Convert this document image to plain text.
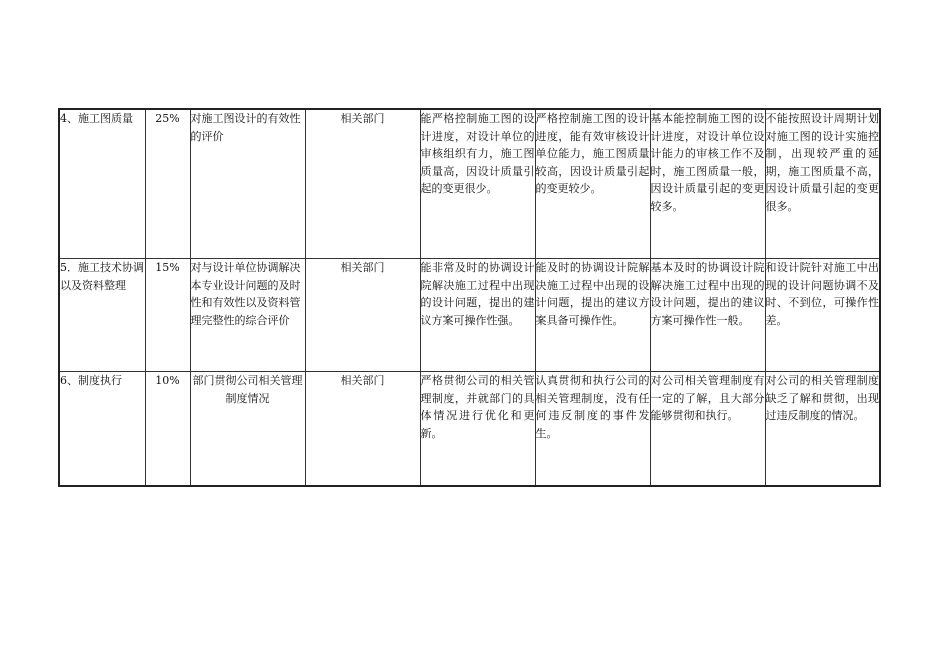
4、施工图质量	25%	对施工图设计的有效性的评价	相关部门	能严格控制施工图的设计进度，对设计单位的审核组织有力，施工图质量高，因设计质量引起的变更很少。	严格控制施工图的设计进度，能有效审核设计单位能力，施工图质量较高，因设计质量引起的变更较少。	基本能控制施工图的设计进度，对设计单位设计能力的审核工作不及时，施工图质量一般，因设计质量引起的变更较多。	不能按照设计周期计划对施工图的设计实施控制，出现较严重的延期，施工图质量不高，因设计质量引起的变更很多。
5．施工技术协调以及资料整理	15%	对与设计单位协调解决本专业设计问题的及时性和有效性以及资料管理完整性的综合评价	相关部门	能非常及时的协调设计院解决施工过程中出现的设计问题，提出的建议方案可操作性强。	能及时的协调设计院解决施工过程中出现的设计问题，提出的建议方案具备可操作性。	基本及时的协调设计院解决施工过程中出现的设计问题，提出的建议方案可操作性一般。	和设计院针对施工中出现的设计问题协调不及时、不到位，可操作性差。
6、制度执行	10%	部门贯彻公司相关管理制度情况	相关部门	严格贯彻公司的相关管理制度，并就部门的具体情况进行优化和更新。	认真贯彻和执行公司的相关管理制度，没有任何违反制度的事件发生。	对公司相关管理制度有一定的了解，且大部分能够贯彻和执行。	对公司的相关管理制度缺乏了解和贯彻，出现过违反制度的情况。
